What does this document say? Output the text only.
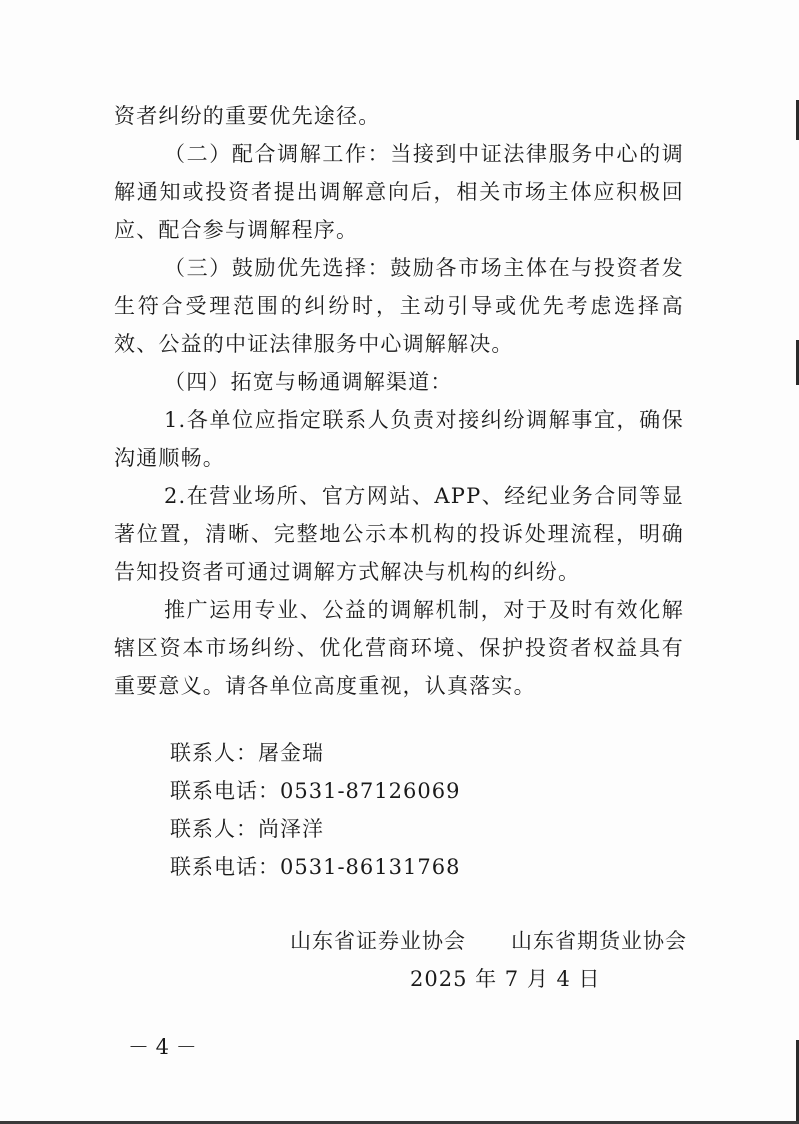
资者纠纷的重要优先途径。

（二）配合调解工作：当接到中证法律服务中心的调解通知或投资者提出调解意向后，相关市场主体应积极回应、配合参与调解程序。

（三）鼓励优先选择：鼓励各市场主体在与投资者发生符合受理范围的纠纷时，主动引导或优先考虑选择高效、公益的中证法律服务中心调解解决。

（四）拓宽与畅通调解渠道：

1.各单位应指定联系人负责对接纠纷调解事宜，确保沟通顺畅。

2.在营业场所、官方网站、APP、经纪业务合同等显著位置，清晰、完整地公示本机构的投诉处理流程，明确告知投资者可通过调解方式解决与机构的纠纷。

推广运用专业、公益的调解机制，对于及时有效化解辖区资本市场纠纷、优化营商环境、保护投资者权益具有重要意义。请各单位高度重视，认真落实。

联系人：屠金瑞
联系电话：0531-87126069
联系人：尚泽洋
联系电话：0531-86131768
山东省证券业协会 山东省期货业协会
2025 年 7 月 4 日
－ 4 －
